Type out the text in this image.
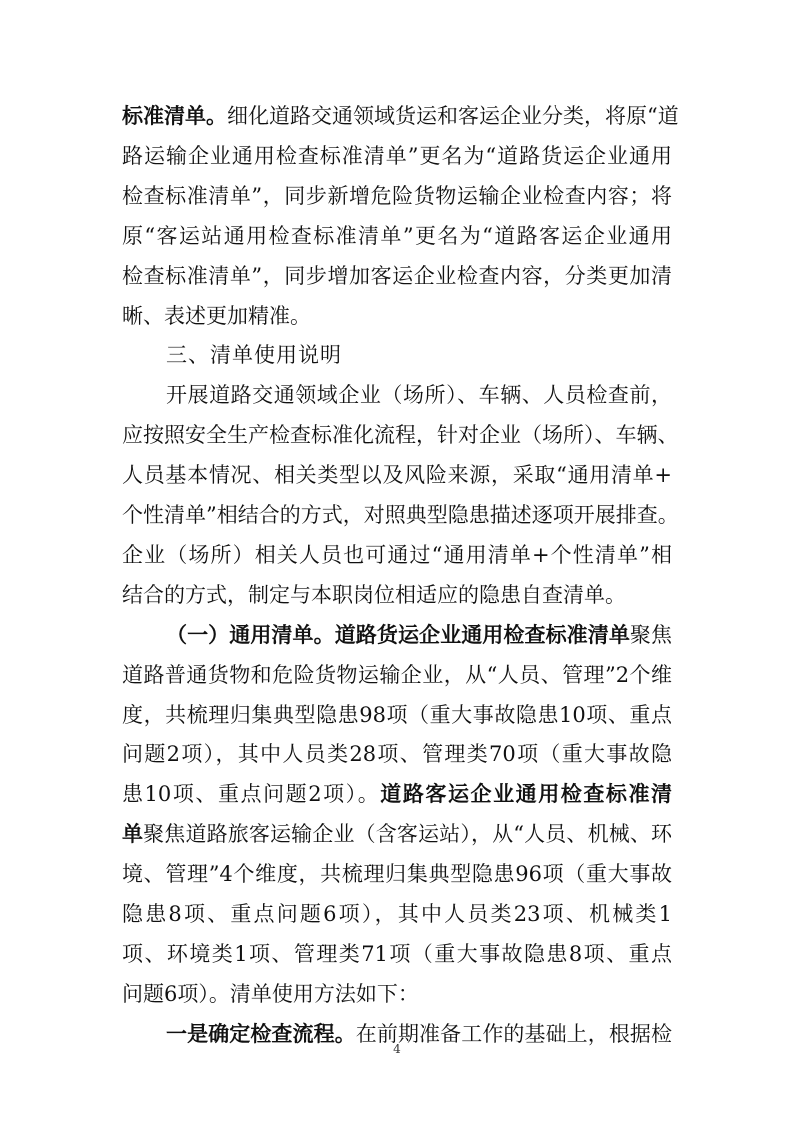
标准清单。细化道路交通领域货运和客运企业分类，将原“道
路运输企业通用检查标准清单”更名为“道路货运企业通用
检查标准清单”，同步新增危险货物运输企业检查内容；将
原“客运站通用检查标准清单”更名为“道路客运企业通用
检查标准清单”，同步增加客运企业检查内容，分类更加清
晰、表述更加精准。
三、清单使用说明
开展道路交通领域企业（场所）、车辆、人员检查前，
应按照安全生产检查标准化流程，针对企业（场所）、车辆、
人员基本情况、相关类型以及风险来源，采取“通用清单+
个性清单”相结合的方式，对照典型隐患描述逐项开展排查。
企业（场所）相关人员也可通过“通用清单+个性清单”相
结合的方式，制定与本职岗位相适应的隐患自查清单。
（一）通用清单。道路货运企业通用检查标准清单聚焦
道路普通货物和危险货物运输企业，从“人员、管理”2个维
度，共梳理归集典型隐患98项（重大事故隐患10项、重点
问题2项），其中人员类28项、管理类70项（重大事故隐
患10项、重点问题2项）。道路客运企业通用检查标准清
单聚焦道路旅客运输企业（含客运站），从“人员、机械、环
境、管理”4个维度，共梳理归集典型隐患96项（重大事故
隐患8项、重点问题6项），其中人员类23项、机械类1
项、环境类1项、管理类71项（重大事故隐患8项、重点
4
问题6项）。清单使用方法如下：
一是确定检查流程。在前期准备工作的基础上，根据检
